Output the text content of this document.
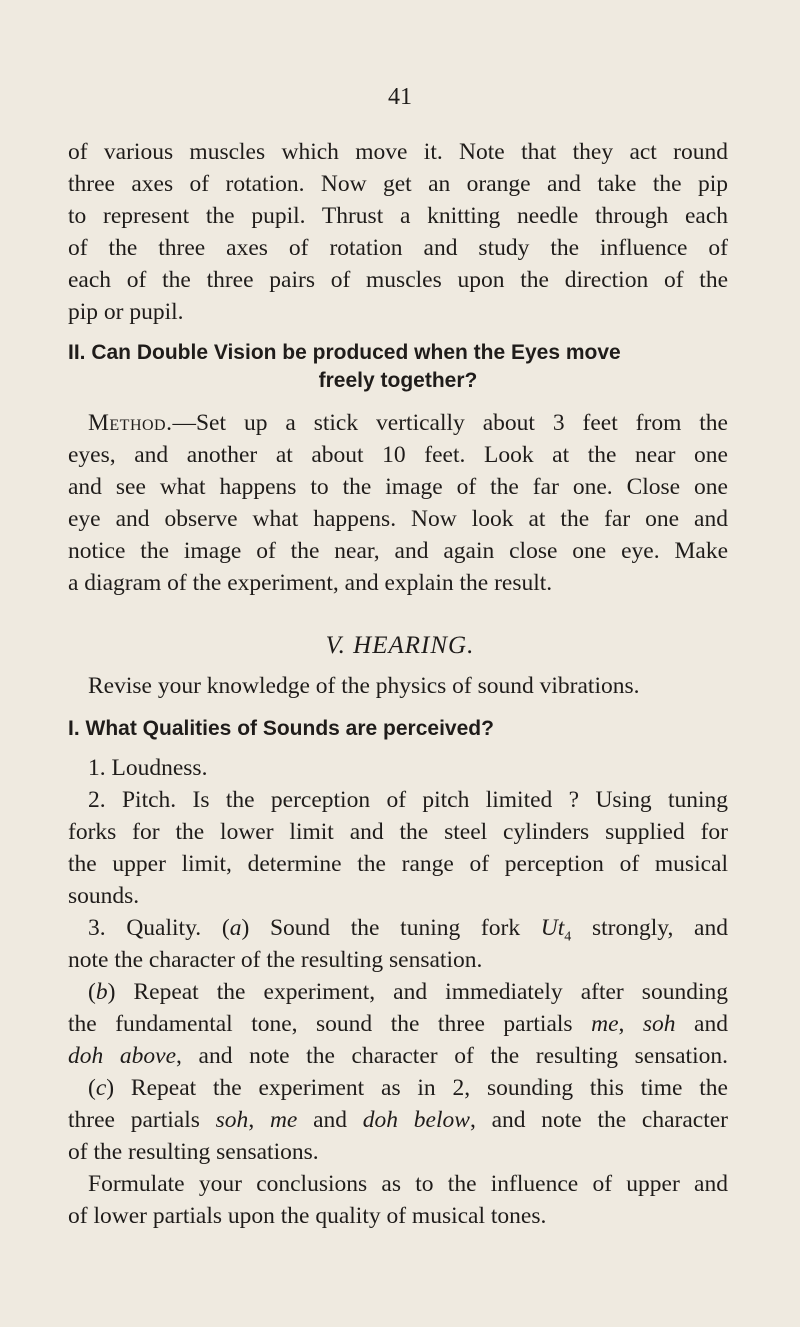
41
of various muscles which move it. Note that they act round
three axes of rotation. Now get an orange and take the pip
to represent the pupil. Thrust a knitting needle through each
of the three axes of rotation and study the influence of
each of the three pairs of muscles upon the direction of the
pip or pupil.
II. Can Double Vision be produced when the Eyes move
freely together?
Method.—Set up a stick vertically about 3 feet from the
eyes, and another at about 10 feet. Look at the near one
and see what happens to the image of the far one. Close one
eye and observe what happens. Now look at the far one and
notice the image of the near, and again close one eye. Make
a diagram of the experiment, and explain the result.
V. HEARING.
Revise your knowledge of the physics of sound vibrations.
I. What Qualities of Sounds are perceived?
1. Loudness.
2. Pitch. Is the perception of pitch limited ? Using tuning
forks for the lower limit and the steel cylinders supplied for
the upper limit, determine the range of perception of musical
sounds.
3. Quality. (a) Sound the tuning fork $Ut_4$ strongly, and
note the character of the resulting sensation.
(b) Repeat the experiment, and immediately after sounding
the fundamental tone, sound the three partials me, soh and
doh above, and note the character of the resulting sensation.
(c) Repeat the experiment as in 2, sounding this time the
three partials soh, me and doh below, and note the character
of the resulting sensations.
Formulate your conclusions as to the influence of upper and
of lower partials upon the quality of musical tones.
